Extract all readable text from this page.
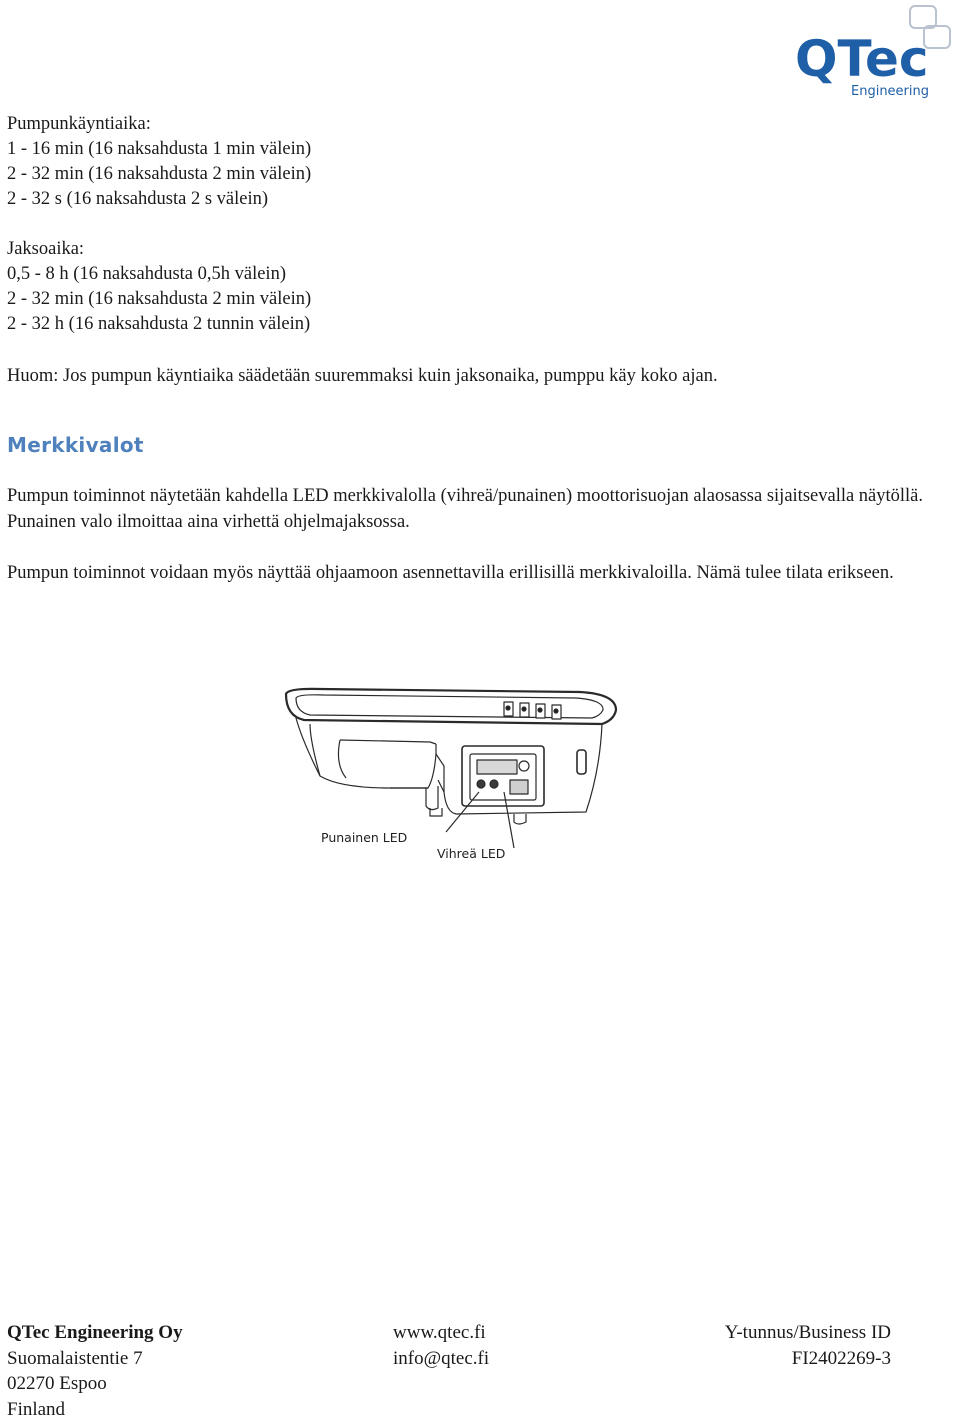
QTec
Engineering

Pumpunkäyntiaika:

1 - 16 min (16 naksahdusta 1 min välein)

2 - 32 min (16 naksahdusta 2 min välein)

2 - 32 s (16 naksahdusta 2 s välein)

Jaksoaika:

0,5 - 8 h (16 naksahdusta 0,5h välein)

2 - 32 min (16 naksahdusta 2 min välein)

2 - 32 h (16 naksahdusta 2 tunnin välein)

Huom: Jos pumpun käyntiaika säädetään suuremmaksi kuin jaksonaika, pumppu käy koko ajan.

Merkkivalot

Pumpun toiminnot näytetään kahdella LED merkkivalolla (vihreä/punainen) moottorisuojan alaosassa sijaitsevalla näytöllä. Punainen valo ilmoittaa aina virhettä ohjelmajaksossa.

Pumpun toiminnot voidaan myös näyttää ohjaamoon asennettavilla erillisillä merkkivaloilla. Nämä tulee tilata erikseen.

Punainen LED
Vihreä LED

QTec Engineering Oy

Suomalaistentie 7

02270 Espoo

Finland

www.qtec.fi

info@qtec.fi

Y-tunnus/Business ID

FI2402269-3
